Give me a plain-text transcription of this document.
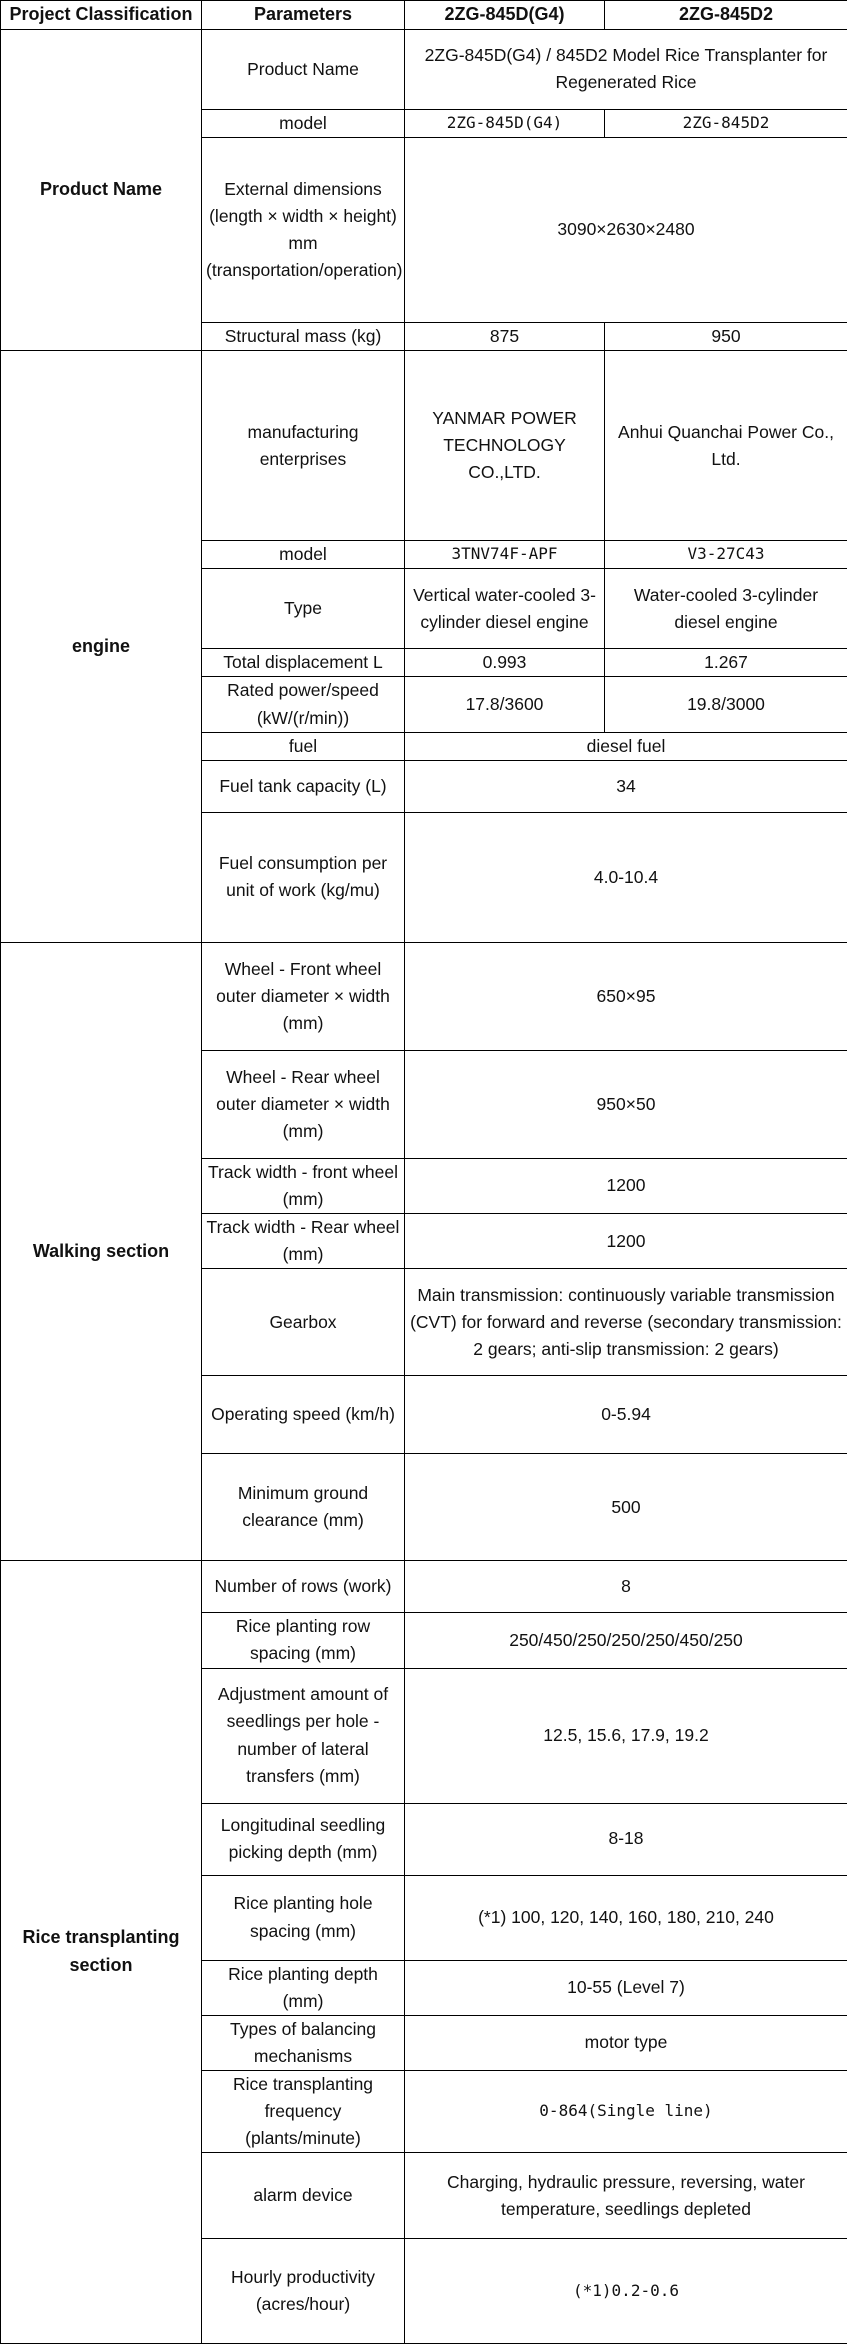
Project Classification	Parameters	2ZG-845D(G4)	2ZG-845D2
Product Name	Product Name	2ZG-845D(G4) / 845D2 Model Rice Transplanter for Regenerated Rice	
	model	2ZG-845D(G4)	2ZG-845D2
	External dimensions (length × width × height) mm (transportation/operation)	3090×2630×2480	
	Structural mass (kg)	875	950
engine	manufacturing enterprises	YANMAR POWER TECHNOLOGY CO.,LTD.	Anhui Quanchai Power Co., Ltd.
	model	3TNV74F-APF	V3-27C43
	Type	Vertical water-cooled 3-cylinder diesel engine	Water-cooled 3-cylinder diesel engine
	Total displacement L	0.993	1.267
	Rated power/speed (kW/(r/min))	17.8/3600	19.8/3000
	fuel	diesel fuel	
	Fuel tank capacity (L)	34	
	Fuel consumption per unit of work (kg/mu)	4.0-10.4	
Walking section	Wheel - Front wheel outer diameter × width (mm)	650×95	
	Wheel - Rear wheel outer diameter × width (mm)	950×50	
	Track width - front wheel (mm)	1200	
	Track width - Rear wheel (mm)	1200	
	Gearbox	Main transmission: continuously variable transmission (CVT) for forward and reverse (secondary transmission: 2 gears; anti-slip transmission: 2 gears)	
	Operating speed (km/h)	0-5.94	
	Minimum ground clearance (mm)	500	
Rice transplanting section	Number of rows (work)	8	
	Rice planting row spacing (mm)	250/450/250/250/250/450/250	
	Adjustment amount of seedlings per hole - number of lateral transfers (mm)	12.5, 15.6, 17.9, 19.2	
	Longitudinal seedling picking depth (mm)	8-18	
	Rice planting hole spacing (mm)	(*1) 100, 120, 140, 160, 180, 210, 240	
	Rice planting depth (mm)	10-55 (Level 7)	
	Types of balancing mechanisms	motor type	
	Rice transplanting frequency (plants/minute)	0-864(Single line)	
	alarm device	Charging, hydraulic pressure, reversing, water temperature, seedlings depleted	
	Hourly productivity (acres/hour)	(*1)0.2-0.6	
